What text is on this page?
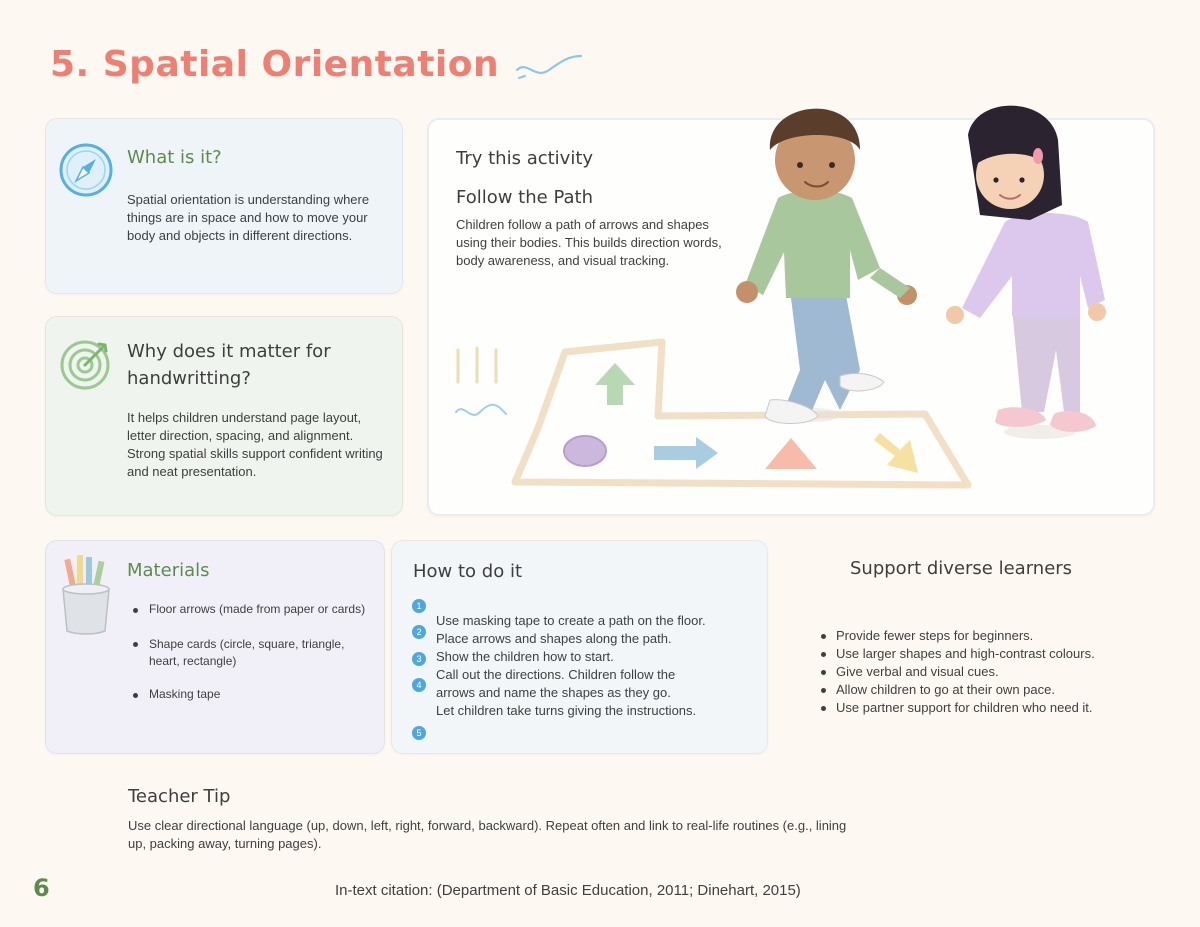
5. Spatial Orientation
What is it?
Spatial orientation is understanding where things are in space and how to move your body and objects in different directions.
Why does it matter for handwritting?
It helps children understand page layout, letter direction, spacing, and alignment. Strong spatial skills support confident writing and neat presentation.
Try this activity
Follow the Path
Children follow a path of arrows and shapes using their bodies. This builds direction words, body awareness, and visual tracking.
Materials
Floor arrows (made from paper or cards)
Shape cards (circle, square, triangle, heart, rectangle)
Masking tape
How to do it
1
2
3
4
5
Use masking tape to create a path on the floor.
Place arrows and shapes along the path.
Show the children how to start.
Call out the directions. Children follow the arrows and name the shapes as they go.
Let children take turns giving the instructions.
Support diverse learners
Provide fewer steps for beginners.
Use larger shapes and high-contrast colours.
Give verbal and visual cues.
Allow children to go at their own pace.
Use partner support for children who need it.
Teacher Tip
Use clear directional language (up, down, left, right, forward, backward). Repeat often and link to real-life routines (e.g., lining up, packing away, turning pages).
6	In-text citation: (Department of Basic Education, 2011; Dinehart, 2015)
